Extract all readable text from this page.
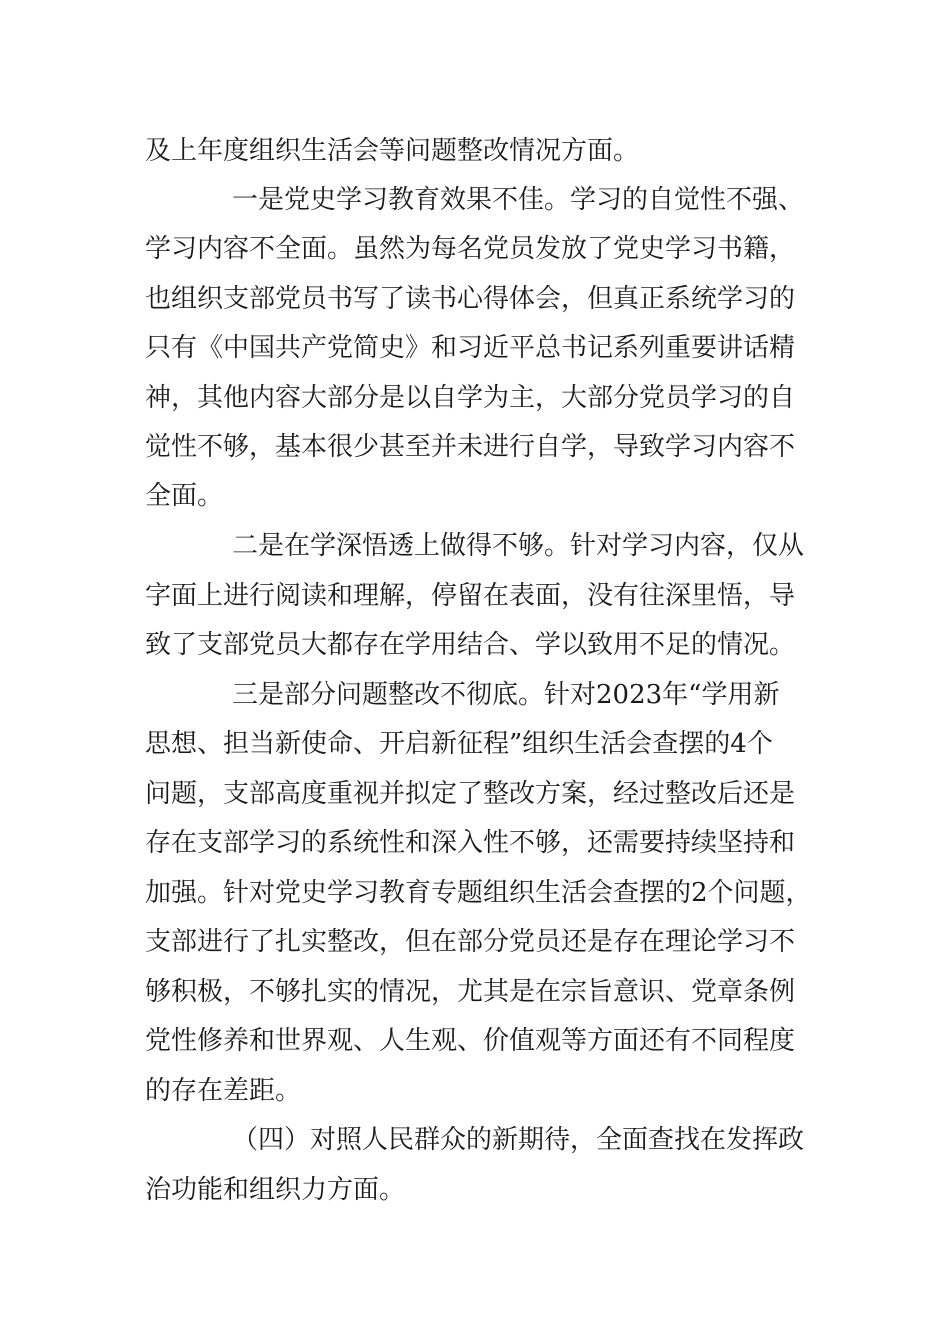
及上年度组织生活会等问题整改情况方面。
一是党史学习教育效果不佳。学习的自觉性不强、
学习内容不全面。虽然为每名党员发放了党史学习书籍，
也组织支部党员书写了读书心得体会，但真正系统学习的
只有《中国共产党简史》和习近平总书记系列重要讲话精
神，其他内容大部分是以自学为主，大部分党员学习的自
觉性不够，基本很少甚至并未进行自学，导致学习内容不
全面。
二是在学深悟透上做得不够。针对学习内容，仅从
字面上进行阅读和理解，停留在表面，没有往深里悟，导
致了支部党员大都存在学用结合、学以致用不足的情况。
三是部分问题整改不彻底。针对2023年“学用新
思想、担当新使命、开启新征程”组织生活会查摆的4个
问题，支部高度重视并拟定了整改方案，经过整改后还是
存在支部学习的系统性和深入性不够，还需要持续坚持和
加强。针对党史学习教育专题组织生活会查摆的2个问题，
支部进行了扎实整改，但在部分党员还是存在理论学习不
够积极，不够扎实的情况，尤其是在宗旨意识、党章条例
党性修养和世界观、人生观、价值观等方面还有不同程度
的存在差距。
（四）对照人民群众的新期待，全面查找在发挥政
治功能和组织力方面。
